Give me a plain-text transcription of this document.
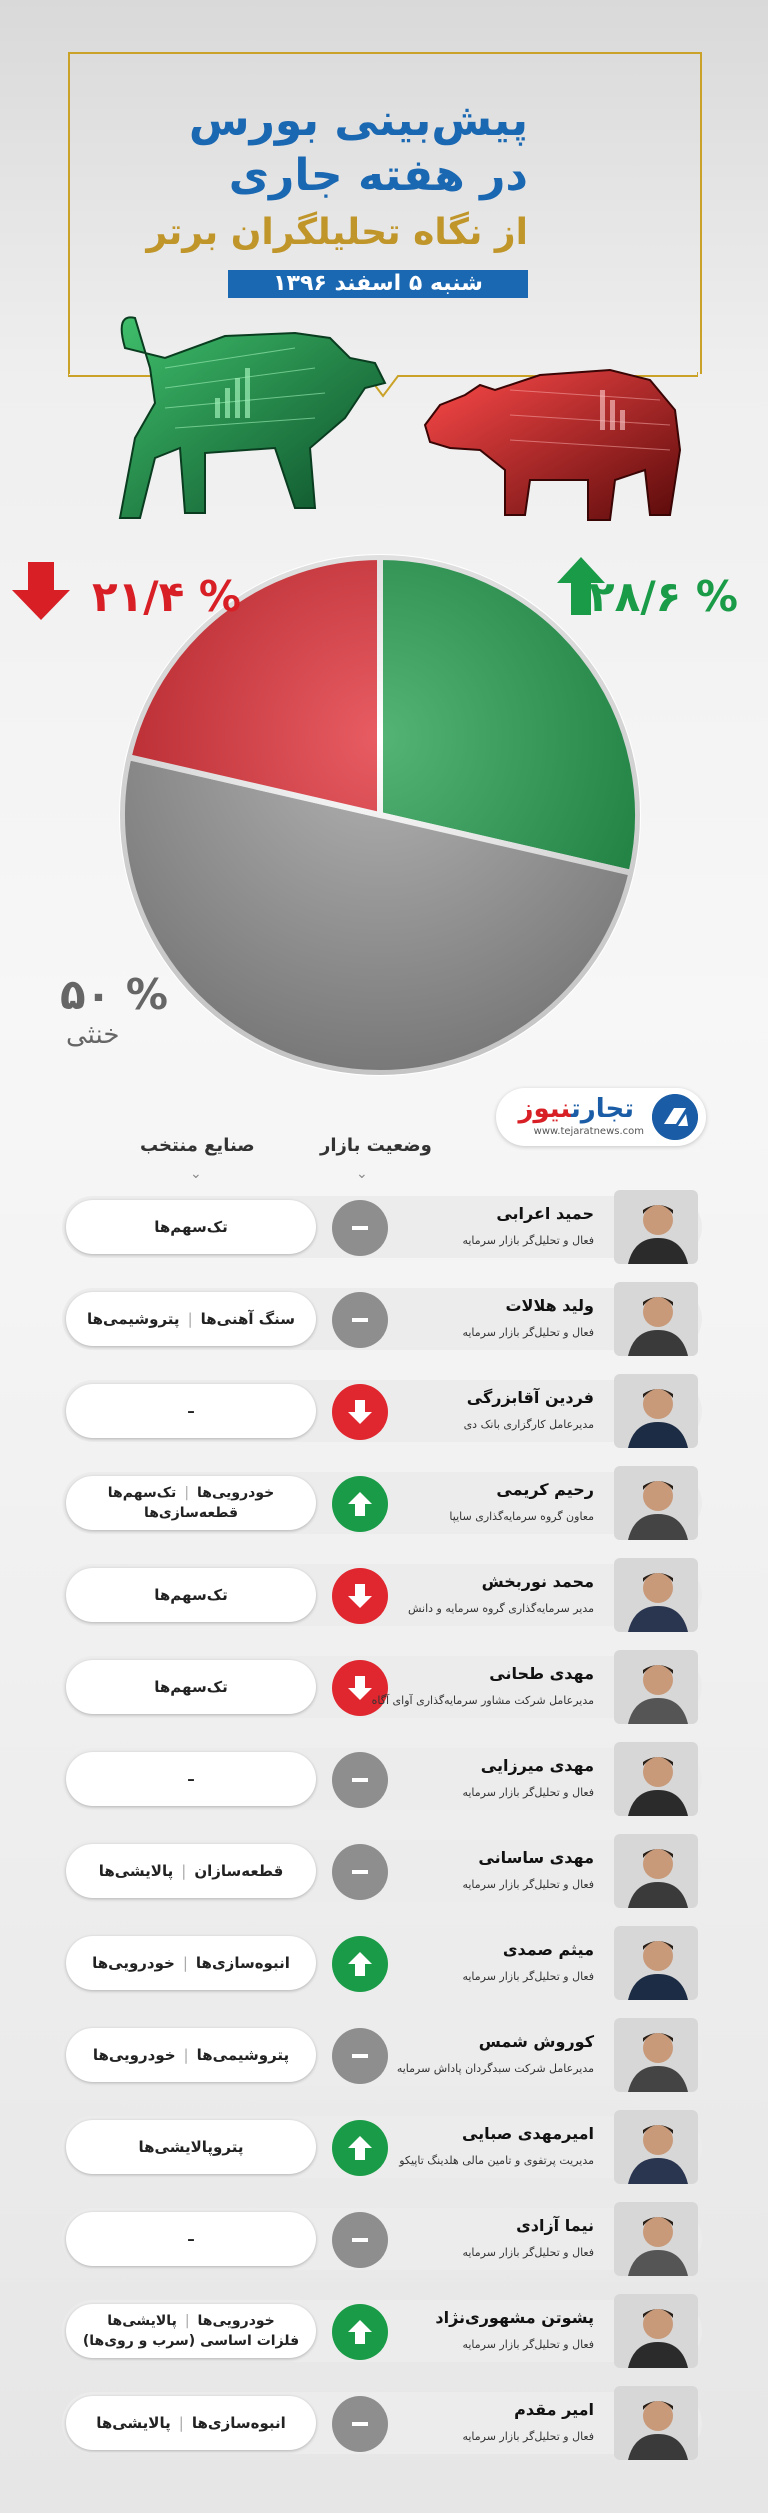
پیش‌بینی بورس
در هفته جاری
از نگاه تحلیلگران برتر
شنبه ۵ اسفند ۱۳۹۶
۲۸/۶ %
۲۱/۴ %
۵۰ %
خنثی
تجارتنیوز
www.tejaratnews.com
وضعیت بازار
صنایع منتخب
⌄
⌄
تک‌سهم‌ها
حمید اعرابی
فعال و تحلیل‌گر بازار سرمایه
پتروشیمی‌ها | سنگ آهنی‌ها
ولید هلالات
فعال و تحلیل‌گر بازار سرمایه
–
فردین آقابزرگی
مدیرعامل کارگزاری بانک دی
خودرویی‌ها|تک‌سهم‌ها
قطعه‌سازی‌ها
رحیم کریمی
معاون گروه سرمایه‌گذاری سایپا
تک‌سهم‌ها
محمد نوربخش
مدیر سرمایه‌گذاری گروه سرمایه و دانش
تک‌سهم‌ها
مهدی طحانی
مدیرعامل شرکت مشاور سرمایه‌گذاری آوای آگاه
–
مهدی میرزایی
فعال و تحلیل‌گر بازار سرمایه
پالایشی‌ها | قطعه‌سازان
مهدی ساسانی
فعال و تحلیل‌گر بازار سرمایه
خودرویی‌ها | انبوه‌سازی‌ها
میثم صمدی
فعال و تحلیل‌گر بازار سرمایه
خودرویی‌ها | پتروشیمی‌ها
کوروش شمس
مدیرعامل شرکت سبدگردان پاداش سرمایه
پتروپالایشی‌ها
امیرمهدی صبایی
مدیریت پرتفوی و تامین مالی هلدینگ تاپیکو
–
نیما آزادی
فعال و تحلیل‌گر بازار سرمایه
خودرویی‌ها|پالایشی‌ها
فلزات اساسی (سرب و روی‌ها)
پشوتن مشهوری‌نژاد
فعال و تحلیل‌گر بازار سرمایه
پالایشی‌ها | انبوه‌سازی‌ها
امیر مقدم
فعال و تحلیل‌گر بازار سرمایه
